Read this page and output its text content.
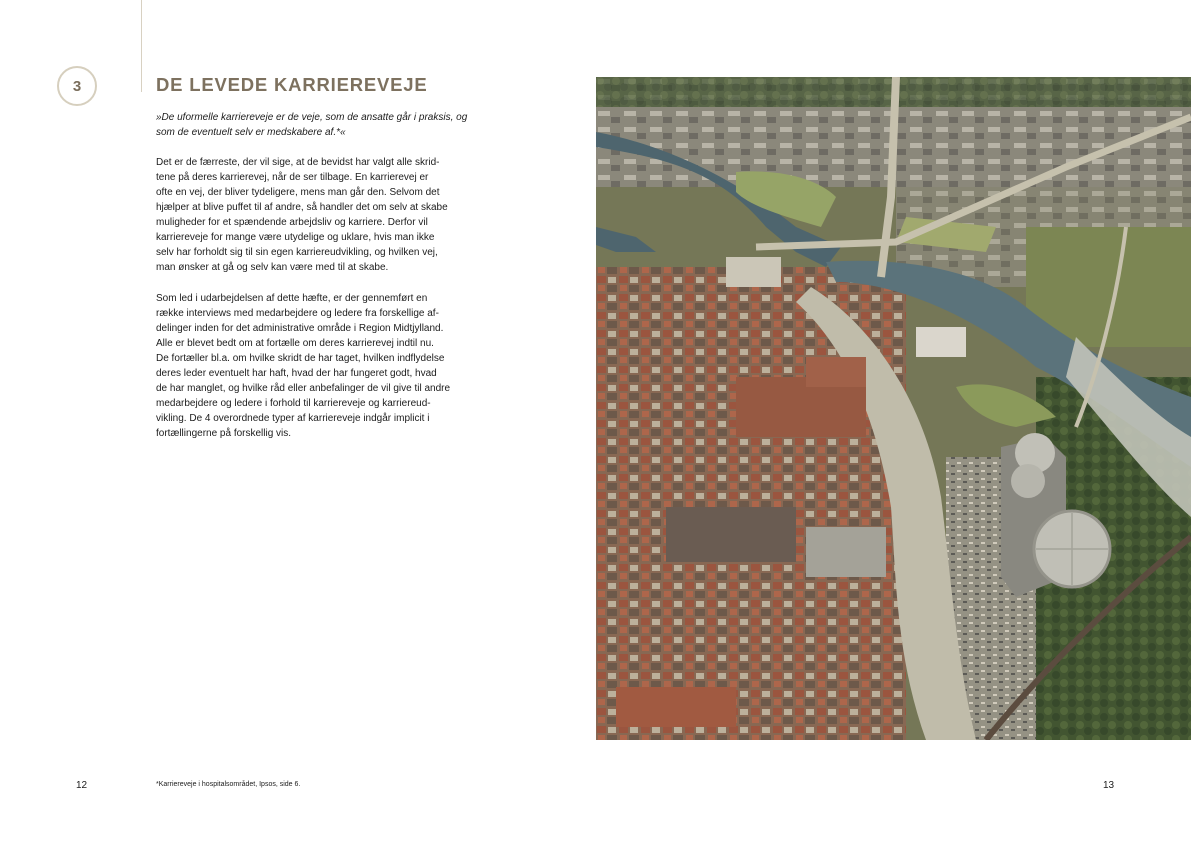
3	DE LEVEDE KARRIEREVEJE

»De uformelle karriereveje er de veje, som de ansatte går i praksis, og som de eventuelt selv er medskabere af.*«

Det er de færreste, der vil sige, at de bevidst har valgt alle skrid-
tene på deres karrierevej, når de ser tilbage. En karrierevej er
ofte en vej, der bliver tydeligere, mens man går den. Selvom det
hjælper at blive puffet til af andre, så handler det om selv at skabe
muligheder for et spændende arbejdsliv og karriere. Derfor vil
karriereveje for mange være utydelige og uklare, hvis man ikke
selv har forholdt sig til sin egen karriereudvikling, og hvilken vej,
man ønsker at gå og selv kan være med til at skabe.
Som led i udarbejdelsen af dette hæfte, er der gennemført en
række interviews med medarbejdere og ledere fra forskellige af-
delinger inden for det administrative område i Region Midtjylland.
Alle er blevet bedt om at fortælle om deres karrierevej indtil nu.
De fortæller bl.a. om hvilke skridt de har taget, hvilken indflydelse
deres leder eventuelt har haft, hvad der har fungeret godt, hvad
de har manglet, og hvilke råd eller anbefalinger de vil give til andre
medarbejdere og ledere i forhold til karriereveje og karriereud-
vikling. De 4 overordnede typer af karriereveje indgår implicit i
fortællingerne på forskellig vis.
12	*Karriereveje i hospitalsområdet, Ipsos, side 6.	13
